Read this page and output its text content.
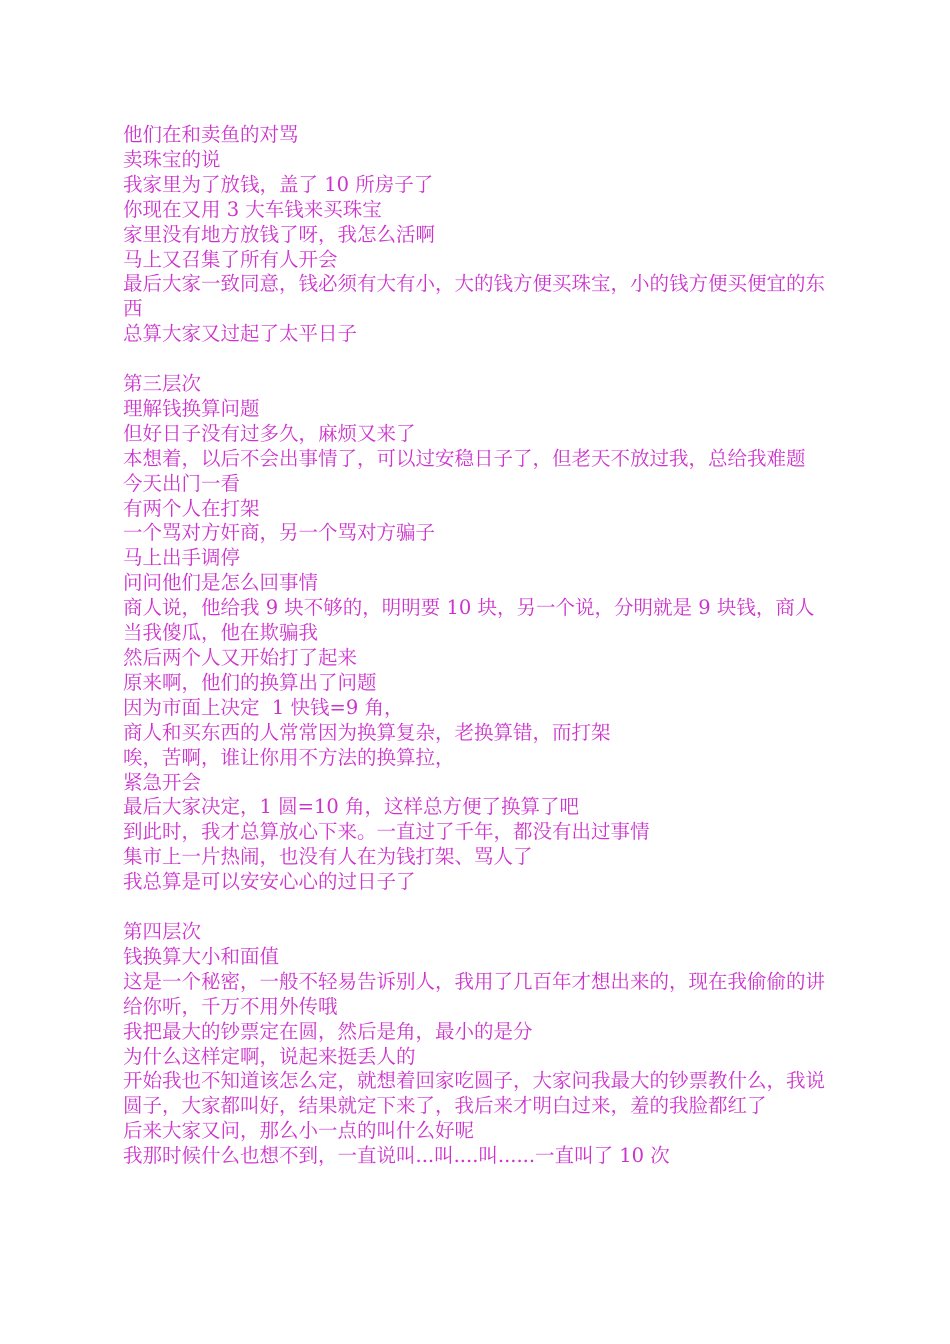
他们在和卖鱼的对骂
卖珠宝的说
我家里为了放钱，盖了 10 所房子了
你现在又用 3 大车钱来买珠宝
家里没有地方放钱了呀，我怎么活啊
马上又召集了所有人开会
最后大家一致同意，钱必须有大有小，大的钱方便买珠宝，小的钱方便买便宜的东西
总算大家又过起了太平日子
第三层次
理解钱换算问题
但好日子没有过多久，麻烦又来了
本想着，以后不会出事情了，可以过安稳日子了，但老天不放过我，总给我难题
今天出门一看
有两个人在打架
一个骂对方奸商，另一个骂对方骗子
马上出手调停
问问他们是怎么回事情
商人说，他给我 9 块不够的，明明要 10 块，另一个说，分明就是 9 块钱，商人当我傻瓜，他在欺骗我
然后两个人又开始打了起来
原来啊，他们的换算出了问题
因为市面上决定  1 快钱=9 角，
商人和买东西的人常常因为换算复杂，老换算错，而打架
唉，苦啊，谁让你用不方法的换算拉，
紧急开会
最后大家决定，1 圆=10 角，这样总方便了换算了吧
到此时，我才总算放心下来。一直过了千年，都没有出过事情
集市上一片热闹，也没有人在为钱打架、骂人了
我总算是可以安安心心的过日子了
第四层次
钱换算大小和面值
这是一个秘密，一般不轻易告诉别人，我用了几百年才想出来的，现在我偷偷的讲给你听，千万不用外传哦
我把最大的钞票定在圆，然后是角，最小的是分
为什么这样定啊，说起来挺丢人的
开始我也不知道该怎么定，就想着回家吃圆子，大家问我最大的钞票教什么，我说圆子，大家都叫好，结果就定下来了，我后来才明白过来，羞的我脸都红了
后来大家又问，那么小一点的叫什么好呢
我那时候什么也想不到，一直说叫...叫....叫......一直叫了 10 次
